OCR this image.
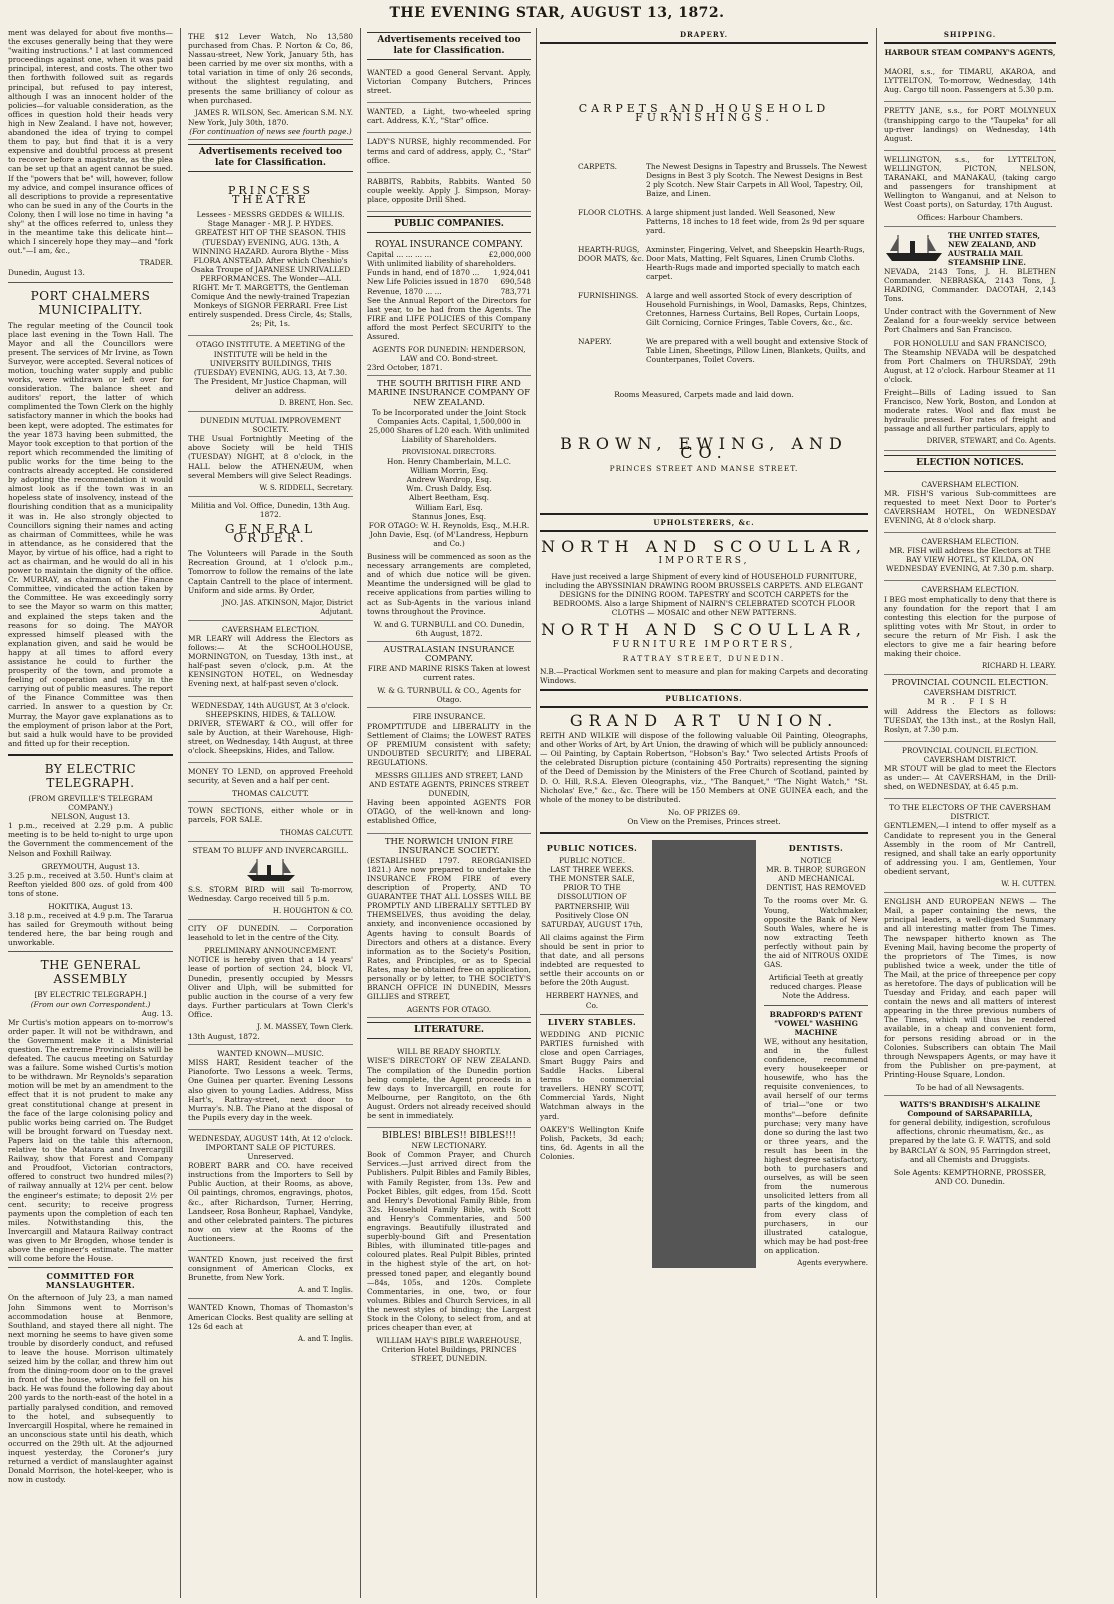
THE EVENING STAR, AUGUST 13, 1872.

ment was delayed for about five months—the excuses generally being that they were "waiting instructions." I at last commenced proceedings against one, when it was paid principal, interest, and costs. The other two then forthwith followed suit as regards principal, but refused to pay interest, although I was an innocent holder of the policies—for valuable consideration, as the offices in question hold their heads very high in New Zealand. I have not, however, abandoned the idea of trying to compel them to pay, but find that it is a very expensive and doubtful process at present to recover before a magistrate, as the plea can be set up that an agent cannot be sued. If the "powers that be" will, however, follow my advice, and compel insurance offices of all descriptions to provide a representative who can be sued in any of the Courts in the Colony, then I will lose no time in having "a shy" at the offices referred to, unless they in the meantime take this delicate hint—which I sincerely hope they may—and "fork out."—I am, &c.,

TRADER.

Dunedin, August 13.

PORT CHALMERS MUNICIPALITY.

The regular meeting of the Council took place last evening in the Town Hall. The Mayor and all the Councillors were present. The services of Mr Irvine, as Town Surveyor, were accepted. Several notices of motion, touching water supply and public works, were withdrawn or left over for consideration. The balance sheet and auditors' report, the latter of which complimented the Town Clerk on the highly satisfactory manner in which the books had been kept, were adopted. The estimates for the year 1873 having been submitted, the Mayor took exception to that portion of the report which recommended the limiting of public works for the time being to the contracts already accepted. He considered by adopting the recommendation it would almost look as if the town was in an hopeless state of insolvency, instead of the flourishing condition that as a municipality it was in. He also strongly objected to Councillors signing their names and acting as chairman of Committees, while he was in attendance, as he considered that the Mayor, by virtue of his office, had a right to act as chairman, and he would do all in his power to maintain the dignity of the office. Cr. MURRAY, as chairman of the Finance Committee, vindicated the action taken by the Committee. He was exceedingly sorry to see the Mayor so warm on this matter, and explained the steps taken and the reasons for so doing. The MAYOR expressed himself pleased with the explanation given, and said he would be happy at all times to afford every assistance he could to further the prosperity of the town, and promote a feeling of cooperation and unity in the carrying out of public measures. The report of the Finance Committee was then carried. In answer to a question by Cr. Murray, the Mayor gave explanations as to the employment of prison labor at the Port, but said a hulk would have to be provided and fitted up for their reception.

BY ELECTRIC TELEGRAPH.
(FROM GREVILLE'S TELEGRAM COMPANY.)
NELSON, August 13.

1 p.m., received at 2.29 p.m. A public meeting is to be held to-night to urge upon the Government the commencement of the Nelson and Foxhill Railway.

GREYMOUTH, August 13.

3.25 p.m., received at 3.50. Hunt's claim at Reefton yielded 800 ozs. of gold from 400 tons of stone.

HOKITIKA, August 13.

3.18 p.m., received at 4.9 p.m. The Tararua has sailed for Greymouth without being tendered here, the bar being rough and unworkable.

THE GENERAL ASSEMBLY
[BY ELECTRIC TELEGRAPH.]
(From our own Correspondent.)
Aug. 13.

Mr Curtis's motion appears on to-morrow's order paper. It will not be withdrawn, and the Government make it a Ministerial question. The extreme Provincialists will be defeated. The caucus meeting on Saturday was a failure. Some wished Curtis's motion to be withdrawn. Mr Reynolds's separation motion will be met by an amendment to the effect that it is not prudent to make any great constitutional change at present in the face of the large colonising policy and public works being carried on. The Budget will be brought forward on Tuesday next. Papers laid on the table this afternoon, relative to the Mataura and Invercargill Railway, show that Forest and Company and Proudfoot, Victorian contractors, offered to construct two hundred miles(?) of railway annually at 12¼ per cent. below the engineer's estimate; to deposit 2½ per cent. security; to receive progress payments upon the completion of each ten miles. Notwithstanding this, the Invercargill and Mataura Railway contract was given to Mr Brogden, whose tender is above the engineer's estimate. The matter will come before the House.

COMMITTED FOR MANSLAUGHTER.

On the afternoon of July 23, a man named John Simmons went to Morrison's accommodation house at Benmore, Southland, and stayed there all night. The next morning he seems to have given some trouble by disorderly conduct, and refused to leave the house. Morrison ultimately seized him by the collar, and threw him out from the dining-room door on to the gravel in front of the house, where he fell on his back. He was found the following day about 200 yards to the north-east of the hotel in a partially paralysed condition, and removed to the hotel, and subsequently to Invercargill Hospital, where he remained in an unconscious state until his death, which occurred on the 29th ult. At the adjourned inquest yesterday, the Coroner's jury returned a verdict of manslaughter against Donald Morrison, the hotel-keeper, who is now in custody.

THE $12 Lever Watch, No 13,580 purchased from Chas. P. Norton & Co, 86, Nassau-street, New York, January 5th, has been carried by me over six months, with a total variation in time of only 26 seconds, without the slightest regulating, and presents the same brilliancy of colour as when purchased.

JAMES R. WILSON, Sec. American S.M. N.Y.
New York, July 30th, 1870.
(For continuation of news see fourth page.)
Advertisements received too late for Classification.
PRINCESS THEATRE
Lessees - MESSRS GEDDES & WILLIS. Stage Manager - MR J. P. HYDES.

GREATEST HIT OF THE SEASON. THIS (TUESDAY) EVENING, AUG. 13th, A WINNING HAZARD. Aurora Blythe - Miss FLORA ANSTEAD. After which Cheshio's Osaka Troupe of JAPANESE UNRIVALLED PERFORMANCES. The Wonder—ALL RIGHT. Mr T. MARGETTS, the Gentleman Comique And the newly-trained Trapezian Monkeys of SIGNOR FERRARI. Free List entirely suspended. Dress Circle, 4s; Stalls, 2s; Pit, 1s.

OTAGO INSTITUTE. A MEETING of the INSTITUTE will be held in the UNIVERSITY BUILDINGS, THIS (TUESDAY) EVENING, AUG. 13, At 7.30. The President, Mr Justice Chapman, will deliver an address.

D. BRENT, Hon. Sec.
DUNEDIN MUTUAL IMPROVEMENT SOCIETY.

THE Usual Fortnightly Meeting of the above Society will be held THIS (TUESDAY) NIGHT, at 8 o'clock, in the HALL below the ATHENÆUM, when several Members will give Select Readings.

W. S. RIDDELL, Secretary.
Militia and Vol. Office, Dunedin, 13th Aug. 1872.
GENERAL ORDER.

The Volunteers will Parade in the South Recreation Ground, at 1 o'clock p.m., Tomorrow to follow the remains of the late Captain Cantrell to the place of interment. Uniform and side arms. By Order,

JNO. JAS. ATKINSON, Major, District Adjutant.
CAVERSHAM ELECTION.

MR LEARY will Address the Electors as follows:— At the SCHOOLHOUSE, MORNINGTON, on Tuesday, 13th inst., at half-past seven o'clock, p.m. At the KENSINGTON HOTEL, on Wednesday Evening next, at half-past seven o'clock.

WEDNESDAY, 14th AUGUST, At 3 o'clock.
SHEEPSKINS, HIDES, & TALLOW.

DRIVER, STEWART & CO., will offer for sale by Auction, at their Warehouse, High-street, on Wednesday, 14th August, at three o'clock. Sheepskins, Hides, and Tallow.

MONEY TO LEND, on approved Freehold security, at Seven and a half per cent.

THOMAS CALCUTT.

TOWN SECTIONS, either whole or in parcels, FOR SALE.

THOMAS CALCUTT.
STEAM TO BLUFF AND INVERCARGILL.

S.S. STORM BIRD will sail To-morrow, Wednesday. Cargo received till 5 p.m.

H. HOUGHTON & CO.

CITY OF DUNEDIN. — Corporation leasehold to let in the centre of the City.

PRELIMINARY ANNOUNCEMENT.

NOTICE is hereby given that a 14 years' lease of portion of section 24, block VI, Dunedin, presently occupied by Messrs Oliver and Ulph, will be submitted for public auction in the course of a very few days. Further particulars at Town Clerk's Office.

J. M. MASSEY, Town Clerk.
13th August, 1872.
WANTED KNOWN—MUSIC.

MISS HART, Resident teacher of the Pianoforte. Two Lessons a week. Terms, One Guinea per quarter. Evening Lessons also given to young Ladies. Address, Miss Hart's, Rattray-street, next door to Murray's. N.B. The Piano at the disposal of the Pupils every day in the week.

WEDNESDAY, AUGUST 14th, At 12 o'clock.
IMPORTANT SALE OF PICTURES. Unreserved.

ROBERT BARR and CO. have received instructions from the Importers to Sell by Public Auction, at their Rooms, as above, Oil paintings, chromos, engravings, photos, &c., after Richardson, Turner, Herring, Landseer, Rosa Bonheur, Raphael, Vandyke, and other celebrated painters. The pictures now on view at the Rooms of the Auctioneers.

WANTED Known, just received the first consignment of American Clocks, ex Brunette, from New York.

A. and T. Inglis.

WANTED Known, Thomas of Thomaston's American Clocks. Best quality are selling at 12s 6d each at

A. and T. Inglis.
Advertisements received too late for Classification.

WANTED a good General Servant. Apply, Victorian Company Butchers, Princes street.

WANTED, a Light, two-wheeled spring cart. Address, K.Y., "Star" office.

LADY'S NURSE, highly recommended. For terms and card of address, apply, C., "Star" office.

RABBITS, Rabbits, Rabbits. Wanted 50 couple weekly. Apply J. Simpson, Moray-place, opposite Drill Shed.

PUBLIC COMPANIES.
ROYAL INSURANCE COMPANY.
Capital ... ... ... ...	£2,000,000
With unlimited liability of shareholders.
Funds in hand, end of 1870 ... 1,924,041
New Life Policies issued in 1870 690,548
Revenue, 1870 ... ...	783,771

See the Annual Report of the Directors for last year, to be had from the Agents. The FIRE and LIFE POLICIES of this Company afford the most Perfect SECURITY to the Assured.

AGENTS FOR DUNEDIN: HENDERSON, LAW and CO. Bond-street.
23rd October, 1871.
THE SOUTH BRITISH FIRE AND MARINE INSURANCE COMPANY OF NEW ZEALAND.

To be Incorporated under the Joint Stock Companies Acts. Capital, 1,500,000 in 25,000 Shares of L20 each. With unlimited Liability of Shareholders.

PROVISIONAL DIRECTORS.
Hon. Henry Chamberlain, M.L.C.
William Morrin, Esq.
Andrew Wardrop, Esq.
Wm. Crush Daldy, Esq.
Albert Beetham, Esq.
William Earl, Esq.
Stannus Jones, Esq.

FOR OTAGO: W. H. Reynolds, Esq., M.H.R. John Davie, Esq. (of M'Landress, Hepburn and Co.)

Business will be commenced as soon as the necessary arrangements are completed, and of which due notice will be given. Meantime the undersigned will be glad to receive applications from parties willing to act as Sub-Agents in the various inland towns throughout the Province.

W. and G. TURNBULL and CO. Dunedin, 6th August, 1872.
AUSTRALASIAN INSURANCE COMPANY.

FIRE AND MARINE RISKS Taken at lowest current rates.

W. & G. TURNBULL & CO., Agents for Otago.
FIRE INSURANCE.

PROMPTITUDE and LIBERALITY in the Settlement of Claims; the LOWEST RATES OF PREMIUM consistent with safety; UNDOUBTED SECURITY; and LIBERAL REGULATIONS.

MESSRS GILLIES AND STREET, LAND AND ESTATE AGENTS, PRINCES STREET DUNEDIN,

Having been appointed AGENTS FOR OTAGO, of the well-known and long-established Office,

THE NORWICH UNION FIRE INSURANCE SOCIETY.

(ESTABLISHED 1797. REORGANISED 1821.) Are now prepared to undertake the INSURANCE FROM FIRE of every description of Property, AND TO GUARANTEE THAT ALL LOSSES WILL BE PROMPTLY AND LIBERALLY SETTLED BY THEMSELVES, thus avoiding the delay, anxiety, and inconvenience occasioned by Agents having to consult Boards of Directors and others at a distance. Every information as to the Society's Position, Rates, and Principles, or as to Special Rates, may be obtained free on application, personally or by letter, to THE SOCIETY'S BRANCH OFFICE IN DUNEDIN, Messrs GILLIES and STREET,

AGENTS FOR OTAGO.
LITERATURE.
WILL BE READY SHORTLY.

WISE'S DIRECTORY OF NEW ZEALAND. The compilation of the Dunedin portion being complete, the Agent proceeds in a few days to Invercargill, en route for Melbourne, per Rangitoto, on the 6th August. Orders not already received should be sent in immediately.

BIBLES! BIBLES!! BIBLES!!!
NEW LECTIONARY.

Book of Common Prayer, and Church Services.—Just arrived direct from the Publishers. Pulpit Bibles and Family Bibles, with Family Register, from 13s. Pew and Pocket Bibles, gilt edges, from 15d. Scott and Henry's Devotional Family Bible, from 32s. Household Family Bible, with Scott and Henry's Commentaries, and 500 engravings. Beautifully illustrated and superbly-bound Gift and Presentation Bibles, with illuminated title-pages and coloured plates. Real Pulpit Bibles, printed in the highest style of the art, on hot-pressed toned paper, and elegantly bound—84s, 105s, and 120s. Complete Commentaries, in one, two, or four volumes. Bibles and Church Services, in all the newest styles of binding; the Largest Stock in the Colony, to select from, and at prices cheaper than ever, at

WILLIAM HAY'S BIBLE WAREHOUSE, Criterion Hotel Buildings, PRINCES STREET, DUNEDIN.
DRAPERY.
CARPETS AND HOUSEHOLD FURNISHINGS.
CARPETS.	The Newest Designs in Tapestry and Brussels. The Newest Designs in Best 3 ply Scotch. The Newest Designs in Best 2 ply Scotch. New Stair Carpets in All Wool, Tapestry, Oil, Baize, and Linen.
FLOOR CLOTHS.	A large shipment just landed. Well Seasoned, New Patterns, 18 inches to 18 feet wide, from 2s 9d per square yard.
HEARTH-RUGS, DOOR MATS, &c.	Axminster, Fingering, Velvet, and Sheepskin Hearth-Rugs, Door Mats, Matting, Felt Squares, Linen Crumb Cloths. Hearth-Rugs made and imported specially to match each carpet.
FURNISHINGS.	A large and well assorted Stock of every description of Household Furnishings, in Wool, Damasks, Reps, Chintzes, Cretonnes, Harness Curtains, Bell Ropes, Curtain Loops, Gilt Cornicing, Cornice Fringes, Table Covers, &c., &c.
NAPERY.	We are prepared with a well bought and extensive Stock of Table Linen, Sheetings, Pillow Linen, Blankets, Quilts, and Counterpanes, Toilet Covers.
Rooms Measured, Carpets made and laid down.
BROWN, EWING, AND CO.
PRINCES STREET AND MANSE STREET.
UPHOLSTERERS, &c.
NORTH AND SCOULLAR,
IMPORTERS,

Have just received a large Shipment of every kind of HOUSEHOLD FURNITURE, including the ABYSSINIAN DRAWING ROOM BRUSSELS CARPETS. AND ELEGANT DESIGNS for the DINING ROOM. TAPESTRY and SCOTCH CARPETS for the BEDROOMS. Also a large Shipment of NAIRN'S CELEBRATED SCOTCH FLOOR CLOTHS — MOSAIC and other NEW PATTERNS.

NORTH AND SCOULLAR,
FURNITURE IMPORTERS,
RATTRAY STREET, DUNEDIN.

N.B.—Practical Workmen sent to measure and plan for making Carpets and decorating Windows.

PUBLICATIONS.
GRAND ART UNION.

REITH AND WILKIE will dispose of the following valuable Oil Painting, Oleographs, and other Works of Art, by Art Union, the drawing of which will be publicly announced:— Oil Painting, by Captain Robertson, "Hobson's Bay." Two selected Artists Proofs of the celebrated Disruption picture (containing 450 Portraits) representing the signing of the Deed of Demission by the Ministers of the Free Church of Scotland, painted by D. O. Hill, R.S.A. Eleven Oleographs, viz., "The Banquet," "The Night Watch," "St. Nicholas' Eve," &c., &c. There will be 150 Members at ONE GUINEA each, and the whole of the money to be distributed.

No. OF PRIZES 69.
On View on the Premises, Princes street.
PUBLIC NOTICES.
PUBLIC NOTICE.
LAST THREE WEEKS.

THE MONSTER SALE, PRIOR TO THE DISSOLUTION OF PARTNERSHIP, Will Positively Close ON SATURDAY, AUGUST 17th,

All claims against the Firm should be sent in prior to that date, and all persons indebted are requested to settle their accounts on or before the 20th August.

HERBERT HAYNES, and Co.
LIVERY STABLES.

WEDDING AND PICNIC PARTIES furnished with close and open Carriages, Smart Buggy Pairs and Saddle Hacks. Liberal terms to commercial travellers. HENRY SCOTT, Commercial Yards, Night Watchman always in the yard.

OAKEY'S Wellington Knife Polish, Packets, 3d each; tins, 6d. Agents in all the Colonies.

DENTISTS.
NOTICE

MR. B. THROP, SURGEON AND MECHANICAL DENTIST, HAS REMOVED

To the rooms over Mr. G. Young, Watchmaker, opposite the Bank of New South Wales, where he is now extracting Teeth perfectly without pain by the aid of NITROUS OXIDE GAS.

Artificial Teeth at greatly reduced charges. Please Note the Address.
BRADFORD'S PATENT "VOWEL" WASHING MACHINE

WE, without any hesitation, and in the fullest confidence, recommend every housekeeper or housewife, who has the requisite conveniences, to avail herself of our terms of trial—"one or two months"—before definite purchase; very many have done so during the last two or three years, and the result has been in the highest degree satisfactory, both to purchasers and ourselves, as will be seen from the numerous unsolicited letters from all parts of the kingdom, and from every class of purchasers, in our illustrated catalogue, which may be had post-free on application.

Agents everywhere.
SHIPPING.
HARBOUR STEAM COMPANY'S AGENTS,

MAORI, s.s., for TIMARU, AKAROA, and LYTTELTON, To-morrow, Wednesday, 14th Aug. Cargo till noon. Passengers at 5.30 p.m.

PRETTY JANE, s.s., for PORT MOLYNEUX (transhipping cargo to the "Taupeka" for all up-river landings) on Wednesday, 14th August.

WELLINGTON, s.s., for LYTTELTON, WELLINGTON, PICTON, NELSON, TARANAKI, and MANAKAU, (taking cargo and passengers for transhipment at Wellington to Wanganui, and at Nelson to West Coast ports), on Saturday, 17th August.

Offices: Harbour Chambers.
THE UNITED STATES, NEW ZEALAND, AND AUSTRALIA MAIL STEAMSHIP LINE.

NEVADA, 2143 Tons, J. H. BLETHEN Commander. NEBRASKA, 2143 Tons, J. HARDING, Commander. DACOTAH, 2,143 Tons.

Under contract with the Government of New Zealand for a four-weekly service between Port Chalmers and San Francisco.

FOR HONOLULU and SAN FRANCISCO,

The Steamship NEVADA will be despatched from Port Chalmers on THURSDAY, 29th August, at 12 o'clock. Harbour Steamer at 11 o'clock.

Freight—Bills of Lading issued to San Francisco, New York, Boston, and London at moderate rates. Wool and flax must be hydraulic pressed. For rates of freight and passage and all further particulars, apply to

DRIVER, STEWART, and Co. Agents.
ELECTION NOTICES.
CAVERSHAM ELECTION.

MR. FISH'S various Sub-committees are requested to meet Next Door to Porter's CAVERSHAM HOTEL, On WEDNESDAY EVENING, At 8 o'clock sharp.

CAVERSHAM ELECTION.

MR. FISH will address the Electors at THE BAY VIEW HOTEL, ST KILDA, ON WEDNESDAY EVENING, At 7.30 p.m. sharp.

CAVERSHAM ELECTION.

I BEG most emphatically to deny that there is any foundation for the report that I am contesting this election for the purpose of splitting votes with Mr Stout, in order to secure the return of Mr Fish. I ask the electors to give me a fair hearing before making their choice.

RICHARD H. LEARY.
PROVINCIAL COUNCIL ELECTION.
CAVERSHAM DISTRICT.
MR. FISH

will Address the Electors as follows: TUESDAY, the 13th inst., at the Roslyn Hall, Roslyn, at 7.30 p.m.

PROVINCIAL COUNCIL ELECTION. CAVERSHAM DISTRICT.

MR STOUT will be glad to meet the Electors as under:— At CAVERSHAM, in the Drill-shed, on WEDNESDAY, at 6.45 p.m.

TO THE ELECTORS OF THE CAVERSHAM DISTRICT.

GENTLEMEN,—I intend to offer myself as a Candidate to represent you in the General Assembly in the room of Mr Cantrell, resigned, and shall take an early opportunity of addressing you. I am, Gentlemen, Your obedient servant,

W. H. CUTTEN.

ENGLISH AND EUROPEAN NEWS — The Mail, a paper containing the news, the principal leaders, a well-digested Summary and all interesting matter from The Times. The newspaper hitherto known as The Evening Mail, having become the property of the proprietors of The Times, is now published twice a week, under the title of The Mail, at the price of threepence per copy as heretofore. The days of publication will be Tuesday and Friday, and each paper will contain the news and all matters of interest appearing in the three previous numbers of The Times, which will thus be rendered available, in a cheap and convenient form, for persons residing abroad or in the Colonies. Subscribers can obtain The Mail through Newspapers Agents, or may have it from the Publisher on pre-payment, at Printing-House Square, London.

To be had of all Newsagents.
WATTS'S BRANDISH'S ALKALINE Compound of SARSAPARILLA,

for general debility, indigestion, scrofulous affections, chronic rheumatism, &c., as prepared by the late G. F. WATTS, and sold by BARCLAY & SON, 95 Farringdon street, and all Chemists and Druggists.

Sole Agents: KEMPTHORNE, PROSSER, AND CO. Dunedin.
